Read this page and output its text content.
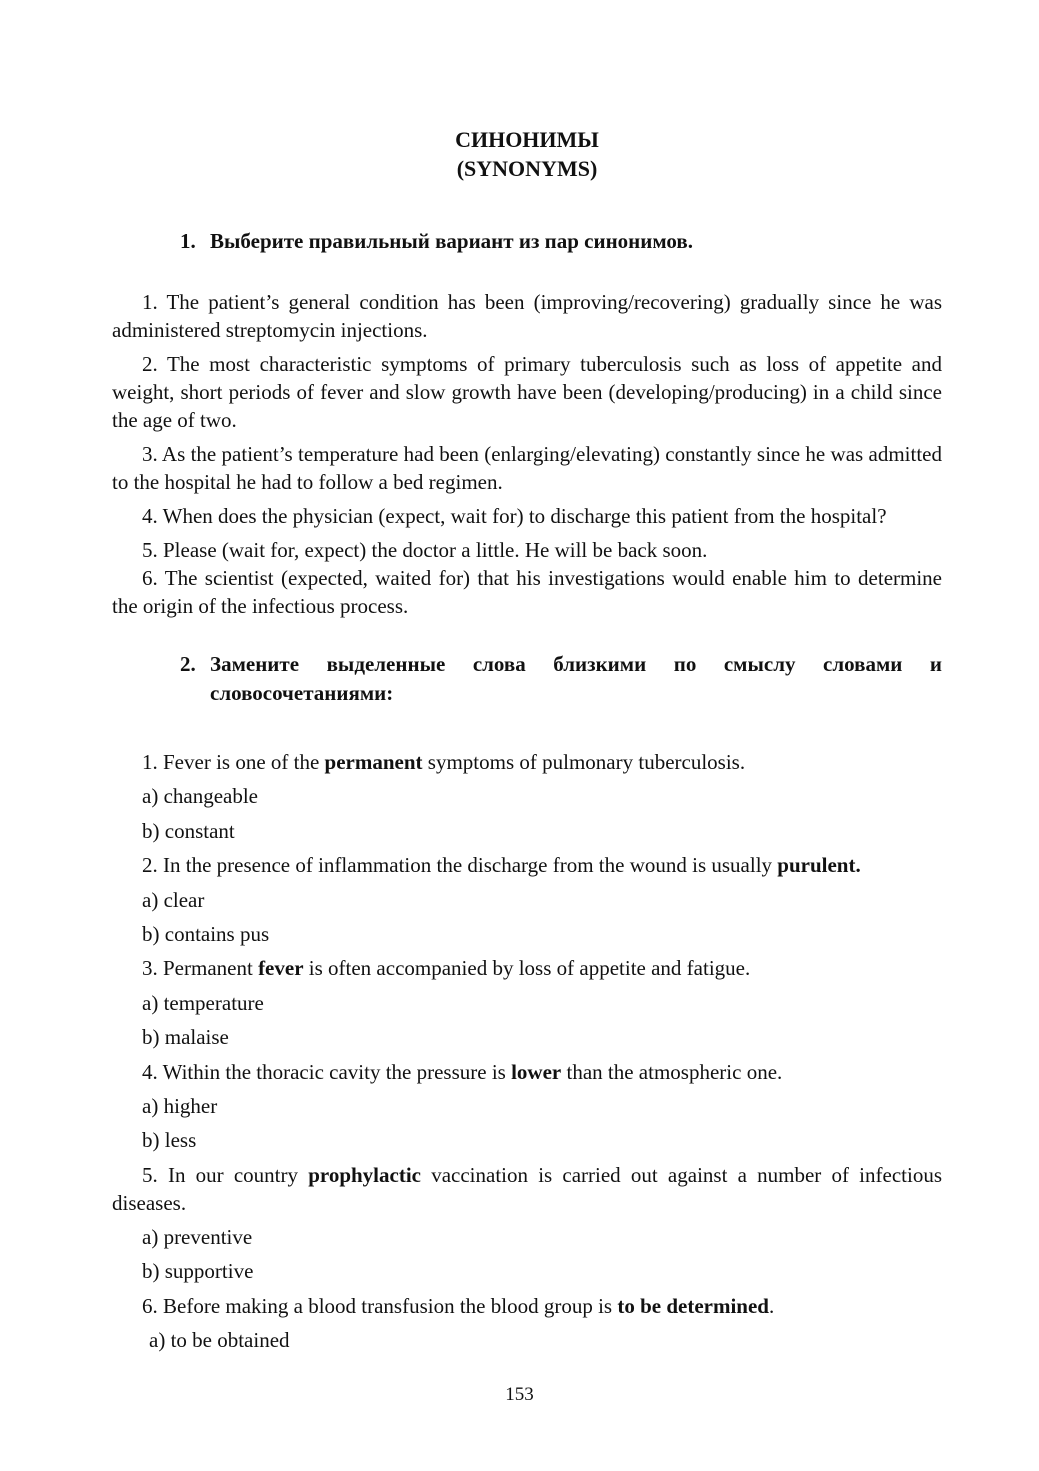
СИНОНИМЫ

(SYNONYMS)

1. Выберите правильный вариант из пар синонимов.

1. The patient’s general condition has been (improving/recovering) gradually since he was administered streptomycin injections.

2. The most characteristic symptoms of primary tuberculosis such as loss of appetite and weight, short periods of fever and slow growth have been (developing/producing) in a child since the age of two.

3. As the patient’s temperature had been (enlarging/elevating) constantly since he was admitted to the hospital he had to follow a bed regimen.

4. When does the physician (expect, wait for) to discharge this patient from the hospital?

5. Please (wait for, expect) the doctor a little. He will be back soon.

6. The scientist (expected, waited for) that his investigations would enable him to determine the origin of the infectious process.

2. Замените выделенные слова близкими по смыслу словами и словосочетаниями:

1. Fever is one of the permanent symptoms of pulmonary tuberculosis.

a) changeable

b) constant

2. In the presence of inflammation the discharge from the wound is usually purulent.

a) clear

b) contains pus

3. Permanent fever is often accompanied by loss of appetite and fatigue.

a) temperature

b) malaise

4. Within the thoracic cavity the pressure is lower than the atmospheric one.

a) higher

b) less

5. In our country prophylactic vaccination is carried out against a number of infectious diseases.

a) preventive

b) supportive

6. Before making a blood transfusion the blood group is to be determined.

a) to be obtained

153
